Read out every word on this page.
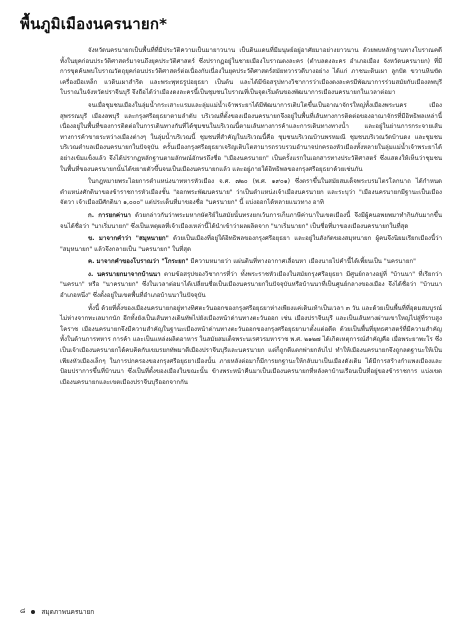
พื้นภูมิเมืองนครนายก*

จังหวัดนครนายกเป็นพื้นที่ที่มีประวัติความเป็นมายาวนาน เป็นดินแดนที่มีมนุษย์อยู่อาศัยมาอย่างยาวนาน ด้วยพบหลักฐานทางโบราณคดีทั้งในยุคก่อนประวัติศาสตร์มาจนถึงยุคประวัติศาสตร์ ซึ่งปรากฏอยู่ในชายเมืองโบราณดงละคร (ตำบลดงละคร อำเภอเมือง จังหวัดนครนายก) ที่มีการขุดค้นพบโบราณวัตถุยุคก่อนประวัติศาสตร์ต่อเนื่องกับเนื่องในยุคประวัติศาสตร์สมัยทวารวดีบางอย่าง ได้แก่ ภาชนะดินเผา ลูกปัด ขวานหินขัด เครื่องมือเหล็ก แวดินเผาสำริด และพระพุทธรูปอยุธยา เป็นต้น และได้มีข้อสรุปทางวิชาการว่าเมืองดงละครมีพัฒนาการร่วมสมัยกับเมืองลพบุรีโบราณในจังหวัดปราจีนบุรี จึงถือได้ว่าเมืองดงละครนี้เป็นชุมชนโบราณที่เป็นจุดเริ่มต้นของพัฒนาการเมืองนครนายกในเวลาต่อมา

จนเมื่อชุมชนเมืองในลุ่มน้ำกระเสาะแรมและลุ่มแม่น้ำเจ้าพระยาได้มีพัฒนาการเติบโตขึ้นเป็นอาณาจักรใหญ่ทั้งเมืองพระนคร เมืองสุพรรณบุรี เมืองลพบุรี และกรุงศรีอยุธยาตามลำดับ บริเวณที่ตั้งของเมืองนครนายกจึงอยู่ในพื้นที่เส้นทางการติดต่อของอาณาจักรที่มีอิทธิพลเหล่านี้ เนื่องอยู่ในพื้นที่ของการติดต่อในการเดินทางกันที่ได้ชุมชนในบริเวณนี้ตามเส้นทางการค้าและการเดินทางทางน้ำ และอยู่ในย่านการกระจายเส้นทางการค้าขายระหว่างเมืองต่างๆ ในลุ่มน้ำบริเวณนี้ ชุมชนที่สำคัญในบริเวณนี้คือ ชุมชนบริเวณบ้านพรหมณี ชุมชนบริเวณวัดบ้านดง และชุมชนบริเวณตำบลเมืองนครนายกในปัจจุบัน ครั้นเมืองกรุงศรีอยุธยาเจริญเติบโตสามารถรวบรวมอำนาจปกครองหัวเมืองทั้งหลายในลุ่มแม่น้ำเจ้าพระยาได้อย่างเข้มแข็งแล้ว จึงได้ปรากฏหลักฐานตามลักษณ์อักษรถึงชื่อ "เมืองนครนายก" เป็นครั้งแรกในเอกสารทางประวัติศาสตร์ ซึ่งแสดงให้เห็นว่าชุมชนในพื้นที่ของนครนายกนั้นได้ขยายตัวขึ้นจนเป็นเมืองนครนายกแล้ว และอยู่ภายใต้อิทธิพลของกรุงศรีอยุธยาด้วยเช่นกัน

ในกฎหมายพระไอยการตำแหน่งนาทหารหัวเมือง จ.ศ. ๗๒๐ (พ.ศ. ๑๙๐๑) ซึ่งตราขึ้นในสมัยสมเด็จพระบรมไตรโลกนาถ ได้กำหนดตำแหน่งศักดินาของข้าราชการหัวเมืองชั้น "ออกพระพัฒนครนาย" ว่าเป็นตำแหน่งเจ้าเมืองนครนายก และระบุว่า "เมืองนครนายกมีฐานะเป็นเมืองจัตวา เจ้าเมืองมีศักดินา ๑,๐๐๐" แต่ประเด็นที่มาของชื่อ "นครนายก" นี้ แบ่งออกได้หลายแนวทาง อาทิ

ก. การยกค่านา ด้วยกล่าวกันว่าพระมหากษัตริย์ในสมัยนั้นทรงยกเว้นการเก็บภาษีค่านาในเขตเมืองนี้ จึงมีผู้คนอพยพมาทำกินกันมากขึ้น จนได้ชื่อว่า "นาเริ่มนายก" ซึ่งเป็นเหตุผลที่เจ้าเมืองเหล่านี้ได้นำเข้าว่าผลผลิตจาก "นาเริ่มนายก" เป็นชื่อที่มาของเมืองนครนายกในที่สุด

ข. มาจากคำว่า "สมุหนายก" ด้วยเป็นเมืองที่อยู่ใต้อิทธิพลของกรุงศรีอยุธยา และอยู่ในสังกัดของสมุหนายก ผู้คนจึงนิยมเรียกเมืองนี้ว่า "สมุหนายก" แล้วจึงกลายเป็น "นครนายก" ในที่สุด

ค. มาจากคำของโบราณว่า "โกระยก" มีความหมายว่า แผ่นดินที่ทางอากาศเลื่อนหา เมืองนายไปคำนี้ได้เพี้ยนเป็น "นครนายก"

ง. นครนายกมาจากบ้านนา ตามข้อสรุปของวิชาการที่ว่า ทั้งพระราชหัวเมืองในสมัยกรุงศรีอยุธยา มีศูนย์กลางอยู่ที่ "บ้านนา" ที่เรียกว่า "นครนา" หรือ "นาครนายก" ซึ่งในเวลาต่อมาได้เปลี่ยนชื่อเป็นเมืองนครนายกในปัจจุบันหรือบ้านนาที่เป็นศูนย์กลางของเมือง จึงได้ชื่อว่า "บ้านนาอำเภอหนึ่ง" ซึ่งตั้งอยู่ในเขตพื้นที่อำเภอบ้านนาในปัจจุบัน

ทั้งนี้ ด้วยที่ตั้งของเมืองนครนายกอยู่ทางทิศตะวันออกของกรุงศรีอยุธยาห่างเพียงแค่เดินเท้าเป็นเวลา ๓ วัน และด้วยเป็นพื้นที่ที่อุดมสมบูรณ์ไม่ห่างจากทะเลมากนัก อีกทั้งยังเป็นเส้นทางเดินทัพไปยังเมืองหน้าด่านทางตะวันออก เช่น เมืองปราจีนบุรี และเป็นเส้นทางผ่านเขาใหญ่ไปสู่ที่ราบสูงโคราช เมืองนครนายกจึงมีความสำคัญในฐานะเมืองหน้าด่านทางตะวันออกของกรุงศรีอยุธยามาตั้งแต่อดีต ด้วยเป็นพื้นที่ยุทธศาสตร์ที่มีความสำคัญทั้งในด้านการทหาร การค้า และเป็นแหล่งผลิตอาหาร ในสมัยสมเด็จพระนเรศวรมหาราช พ.ศ. ๒๑๒๗ ได้เกิดเหตุการณ์สำคัญคือ เมื่อพระยาพะโร ซึ่งเป็นเจ้าเมืองนครนายกได้คบคิดกับเขมรยกทัพมาตีเมืองปราจีนบุรีและนครนายก แต่ก็ถูกตีแตกพ่ายกลับไป ทำให้เมืองนครนายกจึงถูกลดฐานะให้เป็นเพียงหัวเมืองเล็กๆ ในการปกครองของกรุงศรีอยุธยาเมืองนั้น ภายหลังต่อมาก็มีการยกฐานะให้กลับมาเป็นเมืองดังเดิม ได้มีการสร้างกำแพงเมืองและป้อมปราการขึ้นที่บ้านนา ซึ่งเป็นที่ตั้งของเมืองในขณะนั้น ข้างพระหน้าคืนมาเป็นเมืองนครนายกที่หลังคาบ้านเรือนเป็นที่อยู่ของข้าราชการ แบ่งเขตเมืองนครนายกและเขตเมืองปราจีนบุรีออกจากกัน

๘ สมุดภาพนครนายก
